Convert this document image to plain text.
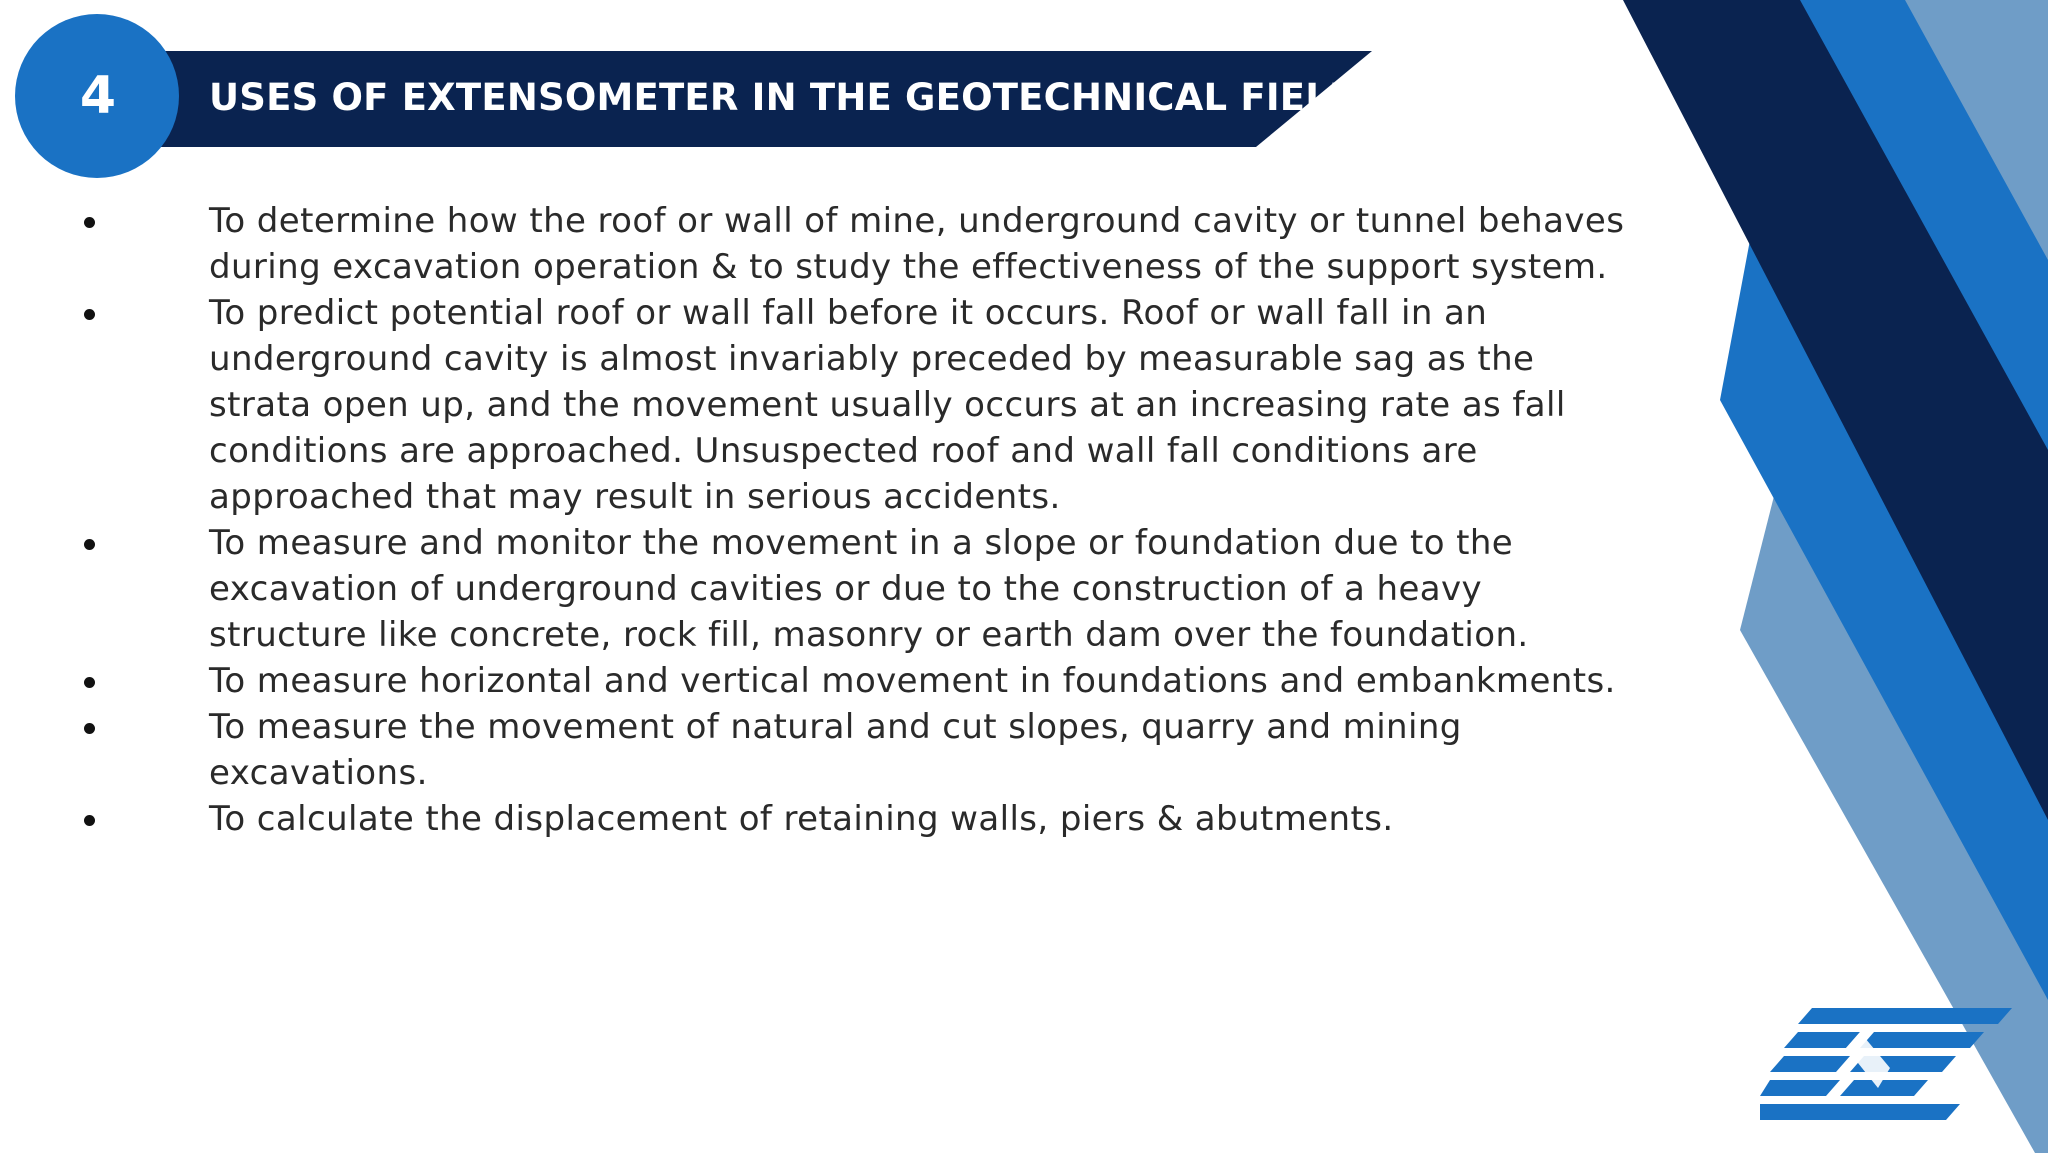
4	USES OF EXTENSOMETER IN THE GEOTECHNICAL FIELD
To determine how the roof or wall of mine, underground cavity or tunnel behaves during excavation operation & to study the effectiveness of the support system.
To predict potential roof or wall fall before it occurs. Roof or wall fall in an underground cavity is almost invariably preceded by measurable sag as the strata open up, and the movement usually occurs at an increasing rate as fall conditions are approached. Unsuspected roof and wall fall conditions are approached that may result in serious accidents.
To measure and monitor the movement in a slope or foundation due to the excavation of underground cavities or due to the construction of a heavy structure like concrete, rock fill, masonry or earth dam over the foundation.
To measure horizontal and vertical movement in foundations and embankments.
To measure the movement of natural and cut slopes, quarry and mining excavations.
To calculate the displacement of retaining walls, piers & abutments.
